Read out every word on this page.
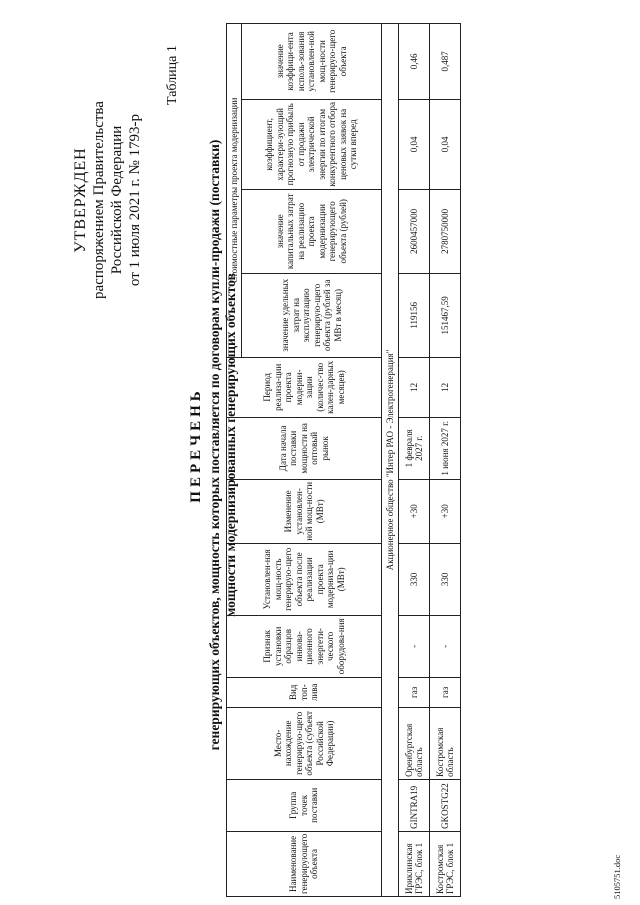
УТВЕРЖДЕН распоряжением Правительства Российской Федерации от 1 июля 2021 г. № 1793-р
Таблица 1
ПЕРЕЧЕНЬ генерирующих объектов, мощность которых поставляется по договорам купли-продажи (поставки) мощности модернизированных генерирующих объектов
Наименование генерирующего объекта	Группа точек поставки	Место-нахождение генерирую-щего объекта (субъект Российской Федерации)	Вид топ-лива	Признак установки образцов иннова-ционного энергети-ческого оборудова-ния	Установлен-ная мощ-ность генерирую-щего объекта после реализации проекта модерниза-ции (МВт)	Изменение установлен-ной мощ-ности (МВт)	Дата начала поставки мощности на оптовый рынок	Период реализа-ции проекта модерни-зации (количес-тво кален-дарных месяцев)	Стоимостные параметры проекта модернизации			
									значение удельных затрат на эксплуатацию генерирую-щего объекта (рублей за МВт в месяц)	значение капитальных затрат на реализацию проекта модернизации генерирующего объекта (рублей)	коэффициент, характери-зующий прогнозную прибыль от продажи электрической энергии по итогам конкурентного отбора ценовых заявок на сутки вперед	значение коэффици-ента исполь-зования установлен-ной мощ-ности генерирую-щего объекта
Акционерное общество "Интер РАО - Электрогенерация"												
Ириклинская ГРЭС, блок 1	GINTRA19	Оренбургская область	газ	-	330	+30	1 февраля 2027 г.	12	119156	2600457000	0,04	0,46
Костромская ГРЭС, блок 1	GKOSTG22	Костромская область	газ	-	330	+30	1 июня 2027 г.	12	151467,59	2780750000	0,04	0,487
5105751.doc
